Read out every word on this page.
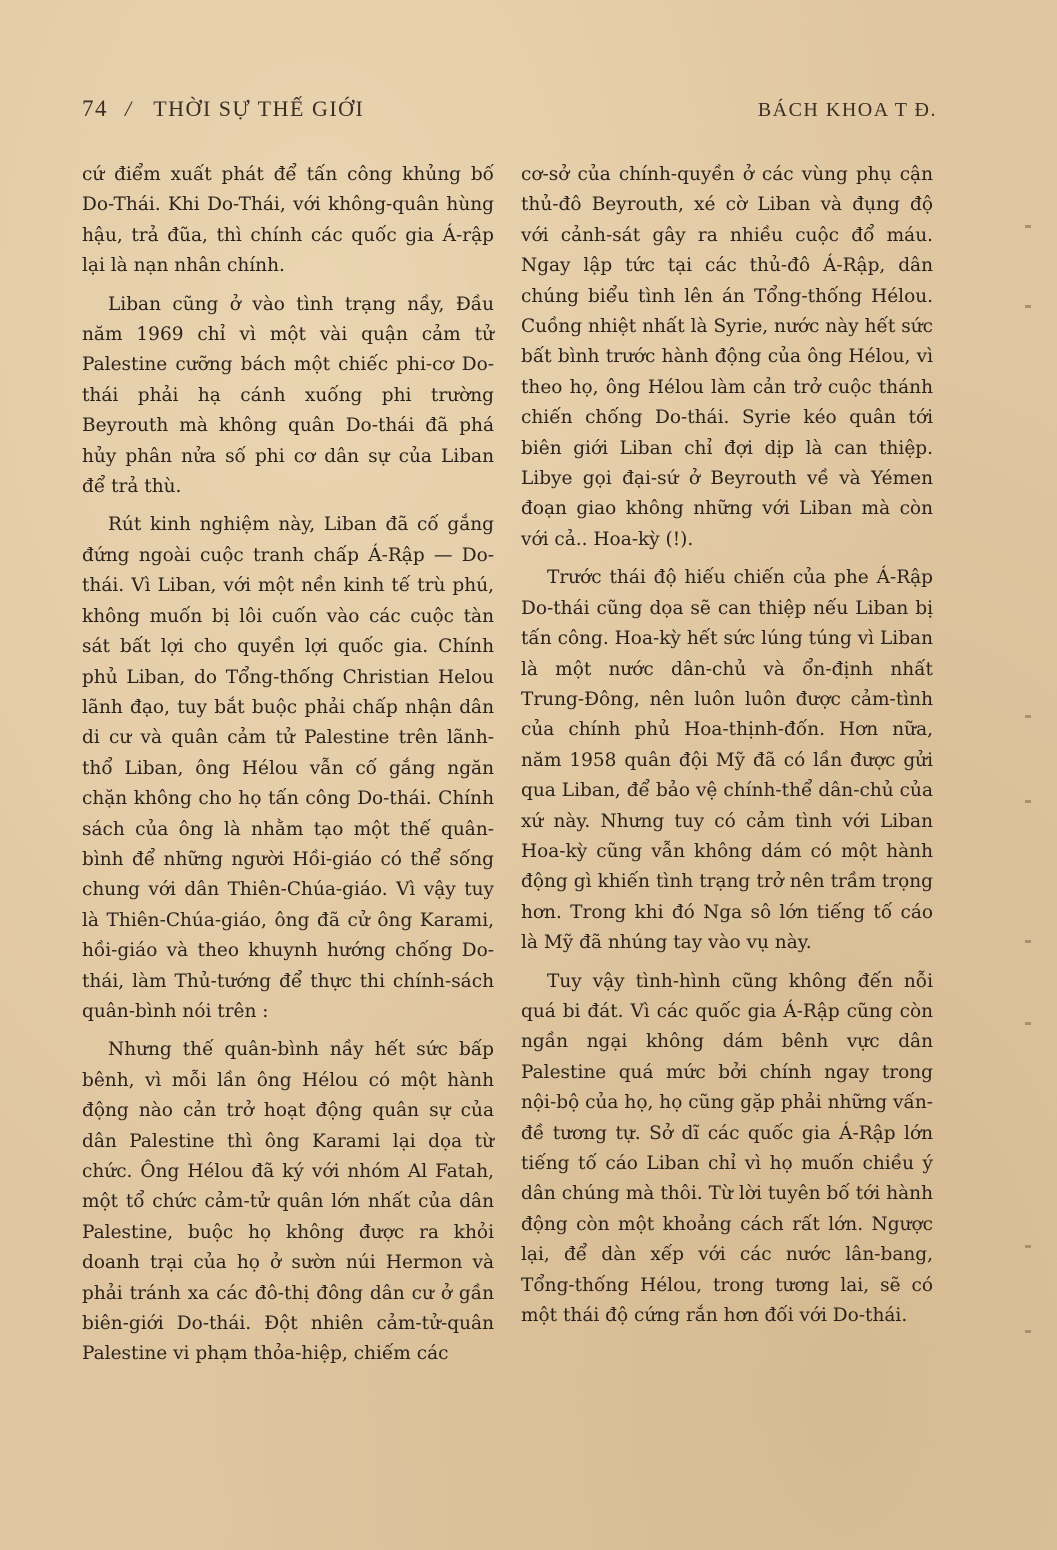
74 / THỜI SỰ THẾ GIỚI	BÁCH KHOA T Đ.

cứ điểm xuất phát để tấn công khủng bố Do-Thái. Khi Do-Thái, với không-quân hùng hậu, trả đũa, thì chính các quốc gia Á-rập lại là nạn nhân chính.

Liban cũng ở vào tình trạng nầy, Đầu năm 1969 chỉ vì một vài quận cảm tử Palestine cưỡng bách một chiếc phi-cơ Do-thái phải hạ cánh xuống phi trường Beyrouth mà không quân Do-thái đã phá hủy phân nửa số phi cơ dân sự của Liban để trả thù.

Rút kinh nghiệm này, Liban đã cố gắng đứng ngoài cuộc tranh chấp Á-Rập — Do-thái. Vì Liban, với một nền kinh tế trù phú, không muốn bị lôi cuốn vào các cuộc tàn sát bất lợi cho quyền lợi quốc gia. Chính phủ Liban, do Tổng-thống Christian Helou lãnh đạo, tuy bắt buộc phải chấp nhận dân di cư và quân cảm tử Palestine trên lãnh-thổ Liban, ông Hélou vẫn cố gắng ngăn chặn không cho họ tấn công Do-thái. Chính sách của ông là nhằm tạo một thế quân-bình để những người Hồi-giáo có thể sống chung với dân Thiên-Chúa-giáo. Vì vậy tuy là Thiên-Chúa-giáo, ông đã cử ông Karami, hồi-giáo và theo khuynh hướng chống Do-thái, làm Thủ-tướng để thực thi chính-sách quân-bình nói trên :

Nhưng thế quân-bình nầy hết sức bấp bênh, vì mỗi lần ông Hélou có một hành động nào cản trở hoạt động quân sự của dân Palestine thì ông Karami lại dọa từ chức. Ông Hélou đã ký với nhóm Al Fatah, một tổ chức cảm-tử quân lớn nhất của dân Palestine, buộc họ không được ra khỏi doanh trại của họ ở sườn núi Hermon và phải tránh xa các đô-thị đông dân cư ở gần biên-giới Do-thái. Đột nhiên cảm-tử-quân Palestine vi phạm thỏa-hiệp, chiếm các

cơ-sở của chính-quyền ở các vùng phụ cận thủ-đô Beyrouth, xé cờ Liban và đụng độ với cảnh-sát gây ra nhiều cuộc đổ máu. Ngay lập tức tại các thủ-đô Á-Rập, dân chúng biểu tình lên án Tổng-thống Hélou. Cuồng nhiệt nhất là Syrie, nước này hết sức bất bình trước hành động của ông Hélou, vì theo họ, ông Hélou làm cản trở cuộc thánh chiến chống Do-thái. Syrie kéo quân tới biên giới Liban chỉ đợi dịp là can thiệp. Libye gọi đại-sứ ở Beyrouth về và Yémen đoạn giao không những với Liban mà còn với cả.. Hoa-kỳ (!).

Trước thái độ hiếu chiến của phe Á-Rập Do-thái cũng dọa sẽ can thiệp nếu Liban bị tấn công. Hoa-kỳ hết sức lúng túng vì Liban là một nước dân-chủ và ổn-định nhất Trung-Đông, nên luôn luôn được cảm-tình của chính phủ Hoa-thịnh-đốn. Hơn nữa, năm 1958 quân đội Mỹ đã có lần được gửi qua Liban, để bảo vệ chính-thể dân-chủ của xứ này. Nhưng tuy có cảm tình với Liban Hoa-kỳ cũng vẫn không dám có một hành động gì khiến tình trạng trở nên trầm trọng hơn. Trong khi đó Nga sô lớn tiếng tố cáo là Mỹ đã nhúng tay vào vụ này.

Tuy vậy tình-hình cũng không đến nỗi quá bi đát. Vì các quốc gia Á-Rập cũng còn ngần ngại không dám bênh vực dân Palestine quá mức bởi chính ngay trong nội-bộ của họ, họ cũng gặp phải những vấn-đề tương tự. Sở dĩ các quốc gia Á-Rập lớn tiếng tố cáo Liban chỉ vì họ muốn chiều ý dân chúng mà thôi. Từ lời tuyên bố tới hành động còn một khoảng cách rất lớn. Ngược lại, để dàn xếp với các nước lân-bang, Tổng-thống Hélou, trong tương lai, sẽ có một thái độ cứng rắn hơn đối với Do-thái.
